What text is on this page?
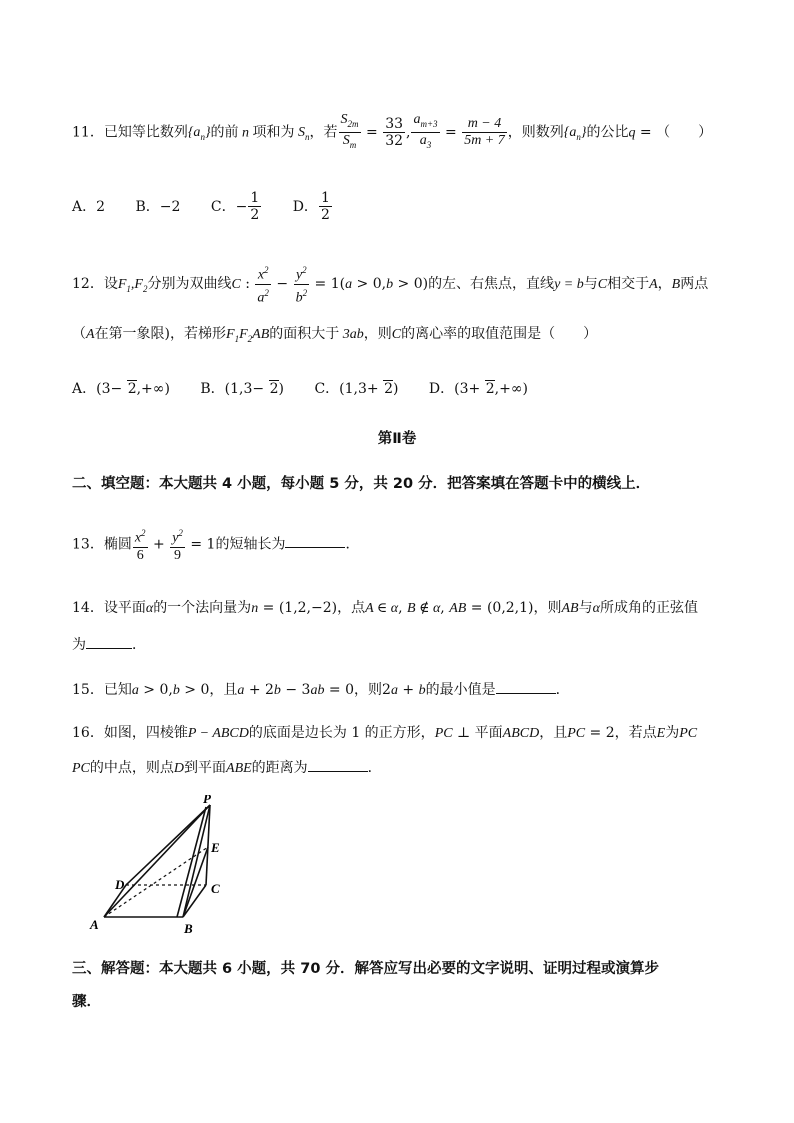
11．已知等比数列$\{a_n\}$的前 n 项和为 $S_n$，若 $\frac{S_{2m}}{S_m} = \frac{33}{32}$ , $\frac{a_{m+3}}{a_3} = \frac{m - 4}{5m + 7}$ ，则数列$\{a_n\}$的公比q = （　　）
A．2 B．−2 C．− $\frac{1}{2}$ D． $\frac{1}{2}$
12．设$F_1,F_2$分别为双曲线C : $\frac{x^2}{a^2} - \frac{y^2}{b^2} = 1(a > 0,b > 0)$的左、右焦点，直线y = b与C相交于A，B两点
（A在第一象限)，若梯形$F_1F_2AB$的面积大于 3ab，则C的离心率的取值范围是（　　）
A．(3− 2,+∞) B．(1,3− 2) C．(1,3+ 2) D．(3+ 2,+∞)
第Ⅱ卷
二、填空题：本大题共 4 小题，每小题 5 分，共 20 分．把答案填在答题卡中的横线上．
13．椭圆 $\frac{x^2}{6} + \frac{y^2}{9} = 1$的短轴长为	．
14．设平面α的一个法向量为n = (1,2,−2)，点A ∈ α, B ∉ α, AB = (0,2,1)，则AB与α所成角的正弦值
为	．
15．已知a > 0,b > 0，且a + 2b − 3ab = 0，则2a + b的最小值是	．
16．如图，四棱锥P − ABCD的底面是边长为 1 的正方形，PC ⊥ 平面ABCD，且PC = 2，若点E为PC
PC的中点，则点D到平面ABE的距离为	．
P
E
D	C
A	B
三、解答题：本大题共 6 小题，共 70 分．解答应写出必要的文字说明、证明过程或演算步
骤．
